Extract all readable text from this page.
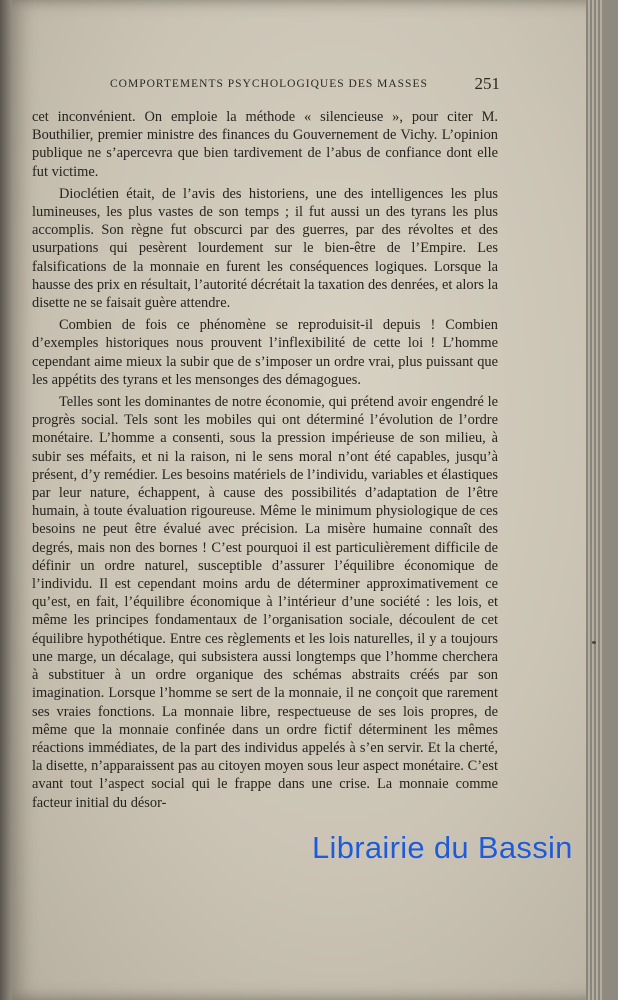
COMPORTEMENTS PSYCHOLOGIQUES DES MASSES	251

cet inconvénient. On emploie la méthode « silencieuse », pour citer M. Bouthilier, premier ministre des finances du Gouvernement de Vichy. L’opinion publique ne s’apercevra que bien tardivement de l’abus de confiance dont elle fut victime.

Dioclétien était, de l’avis des historiens, une des intelligences les plus lumineuses, les plus vastes de son temps ; il fut aussi un des tyrans les plus accomplis. Son règne fut obscurci par des guerres, par des révoltes et des usurpations qui pesèrent lourdement sur le bien-être de l’Empire. Les falsifications de la monnaie en furent les conséquences logiques. Lorsque la hausse des prix en résultait, l’autorité décrétait la taxation des denrées, et alors la disette ne se faisait guère attendre.

Combien de fois ce phénomène se reproduisit-il depuis ! Combien d’exemples historiques nous prouvent l’inflexibilité de cette loi ! L’homme cependant aime mieux la subir que de s’imposer un ordre vrai, plus puissant que les appétits des tyrans et les mensonges des démagogues.

Telles sont les dominantes de notre économie, qui prétend avoir engendré le progrès social. Tels sont les mobiles qui ont déterminé l’évolution de l’ordre monétaire. L’homme a consenti, sous la pression impérieuse de son milieu, à subir ses méfaits, et ni la raison, ni le sens moral n’ont été capables, jusqu’à présent, d’y remédier. Les besoins matériels de l’individu, variables et élastiques par leur nature, échappent, à cause des possibilités d’adaptation de l’être humain, à toute évaluation rigoureuse. Même le minimum physiologique de ces besoins ne peut être évalué avec précision. La misère humaine connaît des degrés, mais non des bornes ! C’est pourquoi il est particulièrement difficile de définir un ordre naturel, susceptible d’assurer l’équilibre économique de l’individu. Il est cependant moins ardu de déterminer approximativement ce qu’est, en fait, l’équilibre économique à l’intérieur d’une société : les lois, et même les principes fondamentaux de l’organisation sociale, découlent de cet équilibre hypothétique. Entre ces règlements et les lois naturelles, il y a toujours une marge, un décalage, qui subsistera aussi longtemps que l’homme cherchera à substituer à un ordre organique des schémas abstraits créés par son imagination. Lorsque l’homme se sert de la monnaie, il ne conçoit que rarement ses vraies fonctions. La monnaie libre, respectueuse de ses lois propres, de même que la monnaie confinée dans un ordre fictif déterminent les mêmes réactions immédiates, de la part des individus appelés à s’en servir. Et la cherté, la disette, n’apparaissent pas au citoyen moyen sous leur aspect monétaire. C’est avant tout l’aspect social qui le frappe dans une crise. La monnaie comme facteur initial du désor-

Librairie du Bassin
